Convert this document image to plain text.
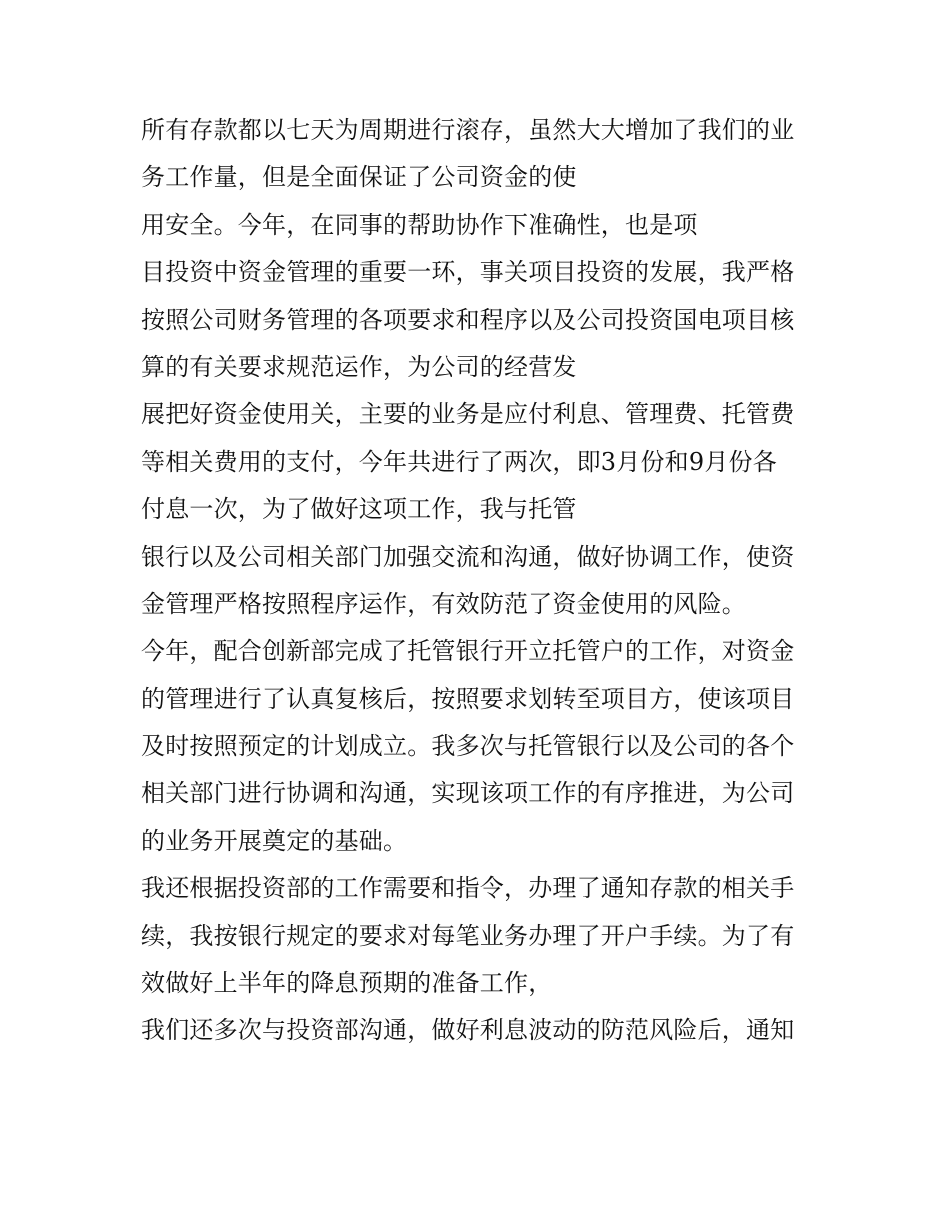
所有存款都以七天为周期进行滚存，虽然大大增加了我们的业
务工作量，但是全面保证了公司资金的使
用安全。今年，在同事的帮助协作下准确性，也是项
目投资中资金管理的重要一环，事关项目投资的发展，我严格
按照公司财务管理的各项要求和程序以及公司投资国电项目核
算的有关要求规范运作，为公司的经营发
展把好资金使用关，主要的业务是应付利息、管理费、托管费
等相关费用的支付，今年共进行了两次，即3月份和9月份各
付息一次，为了做好这项工作，我与托管
银行以及公司相关部门加强交流和沟通，做好协调工作，使资
金管理严格按照程序运作，有效防范了资金使用的风险。
今年，配合创新部完成了托管银行开立托管户的工作，对资金
的管理进行了认真复核后，按照要求划转至项目方，使该项目
及时按照预定的计划成立。我多次与托管银行以及公司的各个
相关部门进行协调和沟通，实现该项工作的有序推进，为公司
的业务开展奠定的基础。
我还根据投资部的工作需要和指令，办理了通知存款的相关手
续，我按银行规定的要求对每笔业务办理了开户手续。为了有
效做好上半年的降息预期的准备工作，
我们还多次与投资部沟通，做好利息波动的防范风险后，通知
